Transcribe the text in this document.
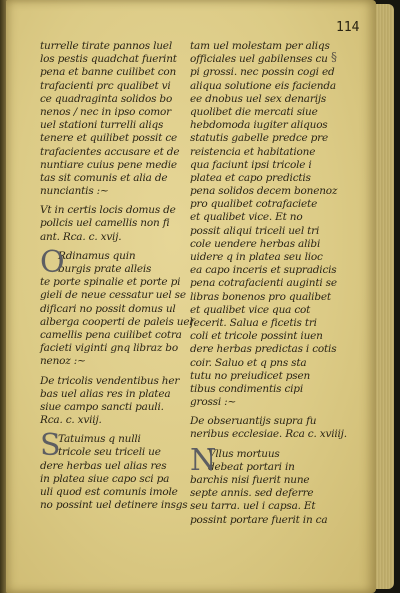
114
§
turrelle tirate pannos luel
los pestis quadchat fuerint
pena et banne cuilibet con
trafacienti prc qualibet vi
ce quadraginta solidos bo
nenos / nec in ipso comor
uel stationi turrelli aliqs
tenere et quilibet possit ce
trafacientes accusare et de
nuntiare cuius pene medie
tas sit comunis et alia de
nunciantis :~
Vt in certis locis domus de
pollcis uel camellis non fi
ant. Rca. c. xvij.
O
Rdinamus quin
burgis prate alleis
te porte spinalie et porte pi
gieli de neue cessatur uel se
dificari no possit domus ul
alberga cooperti de paleis uel
camellis pena cuilibet cotra
facieti viginti gnq libraz bo
nenoz :~
De tricolis vendentibus her
bas uel alias res in platea
siue campo sancti pauli.
Rca. c. xviij.
S
Tatuimus q nulli
tricole seu triceli ue
dere herbas uel alias res
in platea siue capo sci pa
uli quod est comunis imole
no possint uel detinere insgs
tam uel molestam per aliqs
officiales uel gabilenses cu
pi grossi. nec possin cogi ed
aliqua solutione eis facienda
ee dnobus uel sex denarijs
quolibet die mercati siue
hebdomoda iugiter aliquos
statutis gabelle predce pre
reistencia et habitatione
qua faciunt ipsi tricole i
platea et capo predictis
pena solidos decem bonenoz
pro qualibet cotrafaciete
et qualibet vice. Et no
possit aliqui triceli uel tri
cole uendere herbas alibi
uidere q in platea seu lioc
ea capo inceris et supradicis
pena cotrafacienti auginti se
libras bonenos pro qualibet
et qualibet vice qua cot
fecerit. Salua e ficetis tri
coli et tricole possint iuen
dere herbas predictas i cotis
coir. Saluo et q pns sta
tutu no preiudicet psen
tibus condimentis cipi
grossi :~
De obseruantijs supra fu
neribus ecclesiae. Rca c. xviiij.
N
Vllus mortuus
debeat portari in
barchis nisi fuerit nune
septe annis. sed deferre
seu tarra. uel i capsa. Et
possint portare fuerit in ca
